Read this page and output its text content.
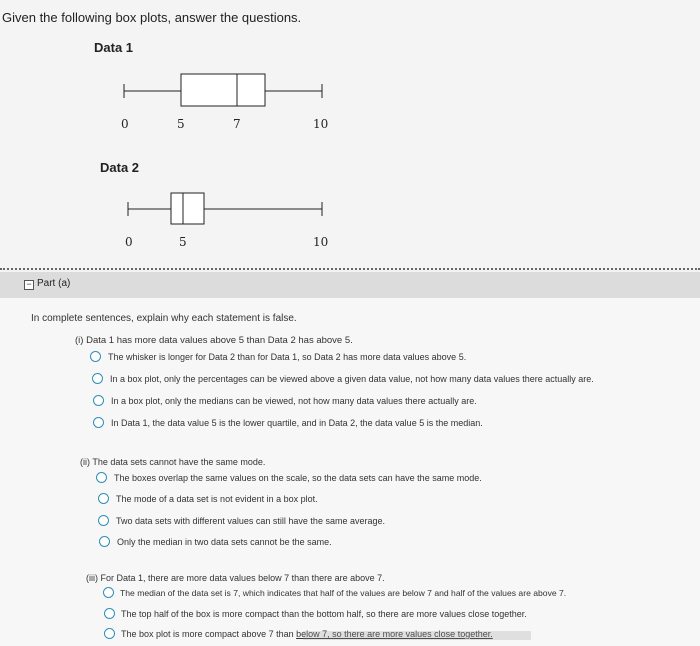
Given the following box plots, answer the questions.
Data 1
Data 2
0	5	7	10
0	5	10
− Part (a)
In complete sentences, explain why each statement is false.
(i) Data 1 has more data values above 5 than Data 2 has above 5.
The whisker is longer for Data 2 than for Data 1, so Data 2 has more data values above 5.
In a box plot, only the percentages can be viewed above a given data value, not how many data values there actually are.
In a box plot, only the medians can be viewed, not how many data values there actually are.
In Data 1, the data value 5 is the lower quartile, and in Data 2, the data value 5 is the median.
(ii) The data sets cannot have the same mode.
The boxes overlap the same values on the scale, so the data sets can have the same mode.
The mode of a data set is not evident in a box plot.
Two data sets with different values can still have the same average.
Only the median in two data sets cannot be the same.
(iii) For Data 1, there are more data values below 7 than there are above 7.
The median of the data set is 7, which indicates that half of the values are below 7 and half of the values are above 7.
The top half of the box is more compact than the bottom half, so there are more values close together.
The box plot is more compact above 7 than below 7, so there are more values close together.
